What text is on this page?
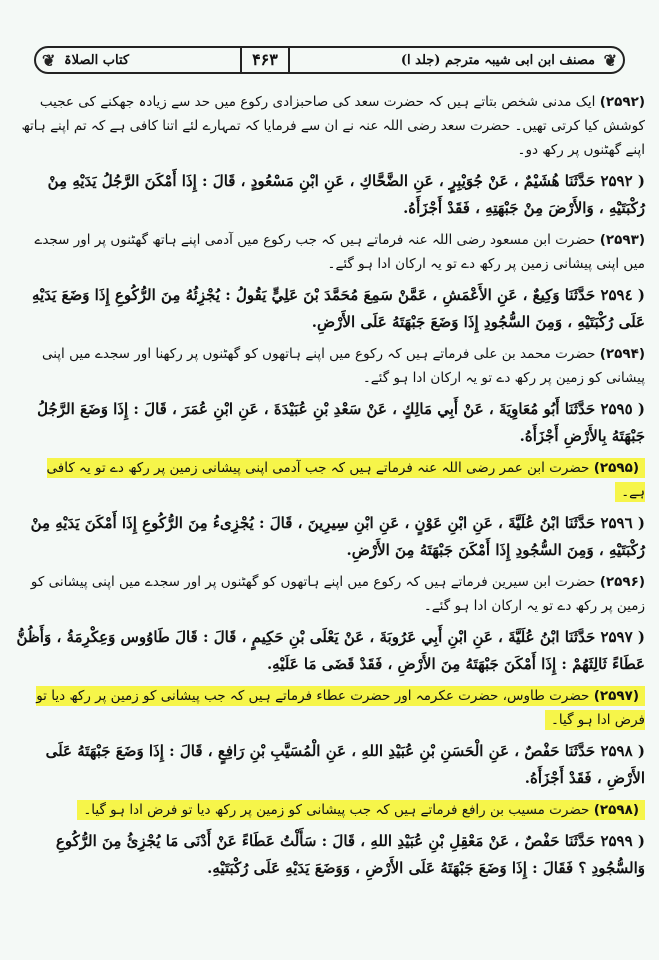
❦
مصنف ابن ابی شیبہ مترجم (جلد ا)
۴۶۳
کتاب الصلاۃ
❦
(۲۵۹۲) ایک مدنی شخص بتاتے ہیں کہ حضرت سعد کی صاحبزادی رکوع میں حد سے زیادہ جھکنے کی عجیب کوشش کیا کرتی تھیں۔ حضرت سعد رضی اللہ عنہ نے ان سے فرمایا کہ تمہارے لئے اتنا کافی ہے کہ تم اپنے ہاتھ اپنے گھٹنوں پر رکھ دو۔
( ۲۵۹۲ حَدَّثَنَا هُشَيْمٌ ، عَنْ جُوَيْبِرٍ ، عَنِ الضَّحَّاكِ ، عَنِ ابْنِ مَسْعُودٍ ، قَالَ : إِذَا أَمْكَنَ الرَّجُلُ يَدَيْهِ مِنْ رُكْبَتَيْهِ ، وَالأَرْضَ مِنْ جَبْهَتِهِ ، فَقَدْ أَجْزَأَهُ.
(۲۵۹۳) حضرت ابن مسعود رضی اللہ عنہ فرماتے ہیں کہ جب رکوع میں آدمی اپنے ہاتھ گھٹنوں پر اور سجدے میں اپنی پیشانی زمین پر رکھ دے تو یہ ارکان ادا ہو گئے۔
( ۲۵۹٤ حَدَّثَنَا وَكِيعٌ ، عَنِ الأَعْمَشِ ، عَمَّنْ سَمِعَ مُحَمَّدَ بْنَ عَلِيٍّ يَقُولُ : يُجْزِئُهُ مِنَ الرُّكُوعِ إِذَا وَضَعَ يَدَيْهِ عَلَى رُكْبَتَيْهِ ، وَمِنَ السُّجُودِ إِذَا وَضَعَ جَبْهَتَهُ عَلَى الأَرْضِ.
(۲۵۹۴) حضرت محمد بن علی فرماتے ہیں کہ رکوع میں اپنے ہاتھوں کو گھٹنوں پر رکھنا اور سجدے میں اپنی پیشانی کو زمین پر رکھ دے تو یہ ارکان ادا ہو گئے۔
( ۲۵۹٥ حَدَّثَنَا أَبُو مُعَاوِيَةَ ، عَنْ أَبِي مَالِكٍ ، عَنْ سَعْدِ بْنِ عُبَيْدَةَ ، عَنِ ابْنِ عُمَرَ ، قَالَ : إِذَا وَضَعَ الرَّجُلُ جَبْهَتَهُ بِالأَرْضِ أَجْزَأَهُ.
(۲۵۹۵) حضرت ابن عمر رضی اللہ عنہ فرماتے ہیں کہ جب آدمی اپنی پیشانی زمین پر رکھ دے تو یہ کافی ہے۔
( ۲۵۹٦ حَدَّثَنَا ابْنُ عُلَيَّةَ ، عَنِ ابْنِ عَوْنٍ ، عَنِ ابْنِ سِيرِينَ ، قَالَ : يُجْزِىءُ مِنَ الرُّكُوعِ إِذَا أَمْكَنَ يَدَيْهِ مِنْ رُكْبَتَيْهِ ، وَمِنَ السُّجُودِ إِذَا أَمْكَنَ جَبْهَتَهُ مِنَ الأَرْضِ.
(۲۵۹۶) حضرت ابن سیرین فرماتے ہیں کہ رکوع میں اپنے ہاتھوں کو گھٹنوں پر اور سجدے میں اپنی پیشانی کو زمین پر رکھ دے تو یہ ارکان ادا ہو گئے۔
( ۲۵۹۷ حَدَّثَنَا ابْنُ عُلَيَّةَ ، عَنِ ابْنِ أَبِي عَرُوبَةَ ، عَنْ يَعْلَى بْنِ حَكِيمٍ ، قَالَ : قَالَ طَاوُوس وَعِكْرِمَةُ ، وَأَظُنُّ عَطَاءً ثَالِثَهُمْ : إِذَا أَمْكَنَ جَبْهَتَهُ مِنَ الأَرْضِ ، فَقَدْ قَضَى مَا عَلَيْهِ.
(۲۵۹۷) حضرت طاوس، حضرت عکرمہ اور حضرت عطاء فرماتے ہیں کہ جب پیشانی کو زمین پر رکھ دیا تو فرض ادا ہو گیا۔
( ۲۵۹۸ حَدَّثَنَا حَفْصٌ ، عَنِ الْحَسَنِ بْنِ عُبَيْدِ اللهِ ، عَنِ الْمُسَيَّبِ بْنِ رَافِعٍ ، قَالَ : إِذَا وَضَعَ جَبْهَتَهُ عَلَى الأَرْضِ ، فَقَدْ أَجْزَأَهُ.
(۲۵۹۸) حضرت مسیب بن رافع فرماتے ہیں کہ جب پیشانی کو زمین پر رکھ دیا تو فرض ادا ہو گیا۔
( ۲۵۹۹ حَدَّثَنَا حَفْصٌ ، عَنْ مَعْقِلِ بْنِ عُبَيْدِ اللهِ ، قَالَ : سَأَلْتُ عَطَاءً عَنْ أَدْنَى مَا يُجْزِئُ مِنَ الرُّكُوعِ وَالسُّجُودِ ؟ فَقَالَ : إِذَا وَضَعَ جَبْهَتَهُ عَلَى الأَرْضِ ، وَوَضَعَ يَدَيْهِ عَلَى رُكْبَتَيْهِ.
